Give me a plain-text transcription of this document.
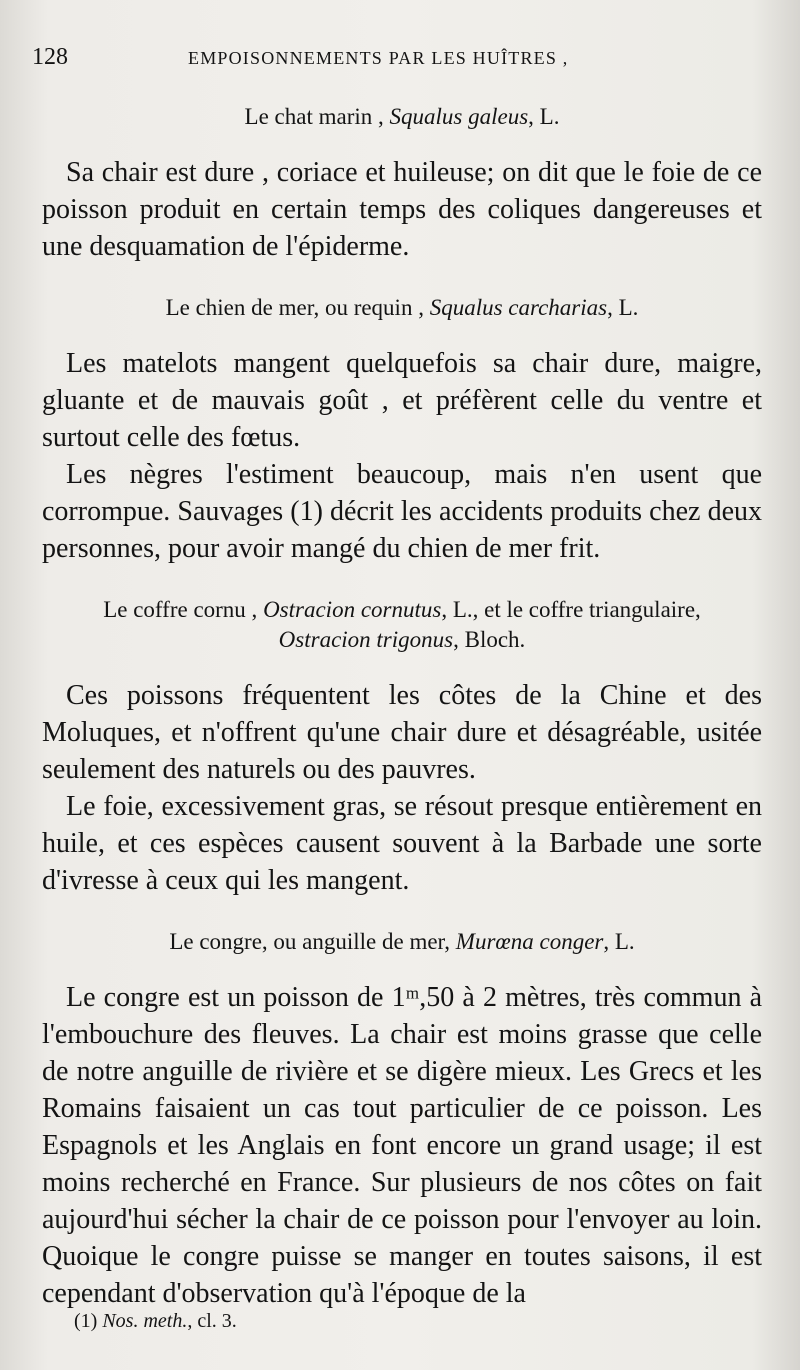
128	EMPOISONNEMENTS PAR LES HUÎTRES ,
Le chat marin , Squalus galeus, L.

Sa chair est dure , coriace et huileuse; on dit que le foie de ce poisson produit en certain temps des coliques dangereuses et une desquamation de l'épiderme.

Le chien de mer, ou requin , Squalus carcharias, L.

Les matelots mangent quelquefois sa chair dure, maigre, gluante et de mauvais goût , et préfèrent celle du ventre et surtout celle des fœtus.

Les nègres l'estiment beaucoup, mais n'en usent que corrompue. Sauvages (1) décrit les accidents produits chez deux personnes, pour avoir mangé du chien de mer frit.

Le coffre cornu , Ostracion cornutus, L., et le coffre triangulaire,
Ostracion trigonus, Bloch.

Ces poissons fréquentent les côtes de la Chine et des Moluques, et n'offrent qu'une chair dure et désagréable, usitée seulement des naturels ou des pauvres.

Le foie, excessivement gras, se résout presque entièrement en huile, et ces espèces causent souvent à la Barbade une sorte d'ivresse à ceux qui les mangent.

Le congre, ou anguille de mer, Murœna conger, L.

Le congre est un poisson de 1ᵐ,50 à 2 mètres, très commun à l'embouchure des fleuves. La chair est moins grasse que celle de notre anguille de rivière et se digère mieux. Les Grecs et les Romains faisaient un cas tout particulier de ce poisson. Les Espagnols et les Anglais en font encore un grand usage; il est moins recherché en France. Sur plusieurs de nos côtes on fait aujourd'hui sécher la chair de ce poisson pour l'envoyer au loin. Quoique le congre puisse se manger en toutes saisons, il est cependant d'observation qu'à l'époque de la

(1) Nos. meth., cl. 3.
